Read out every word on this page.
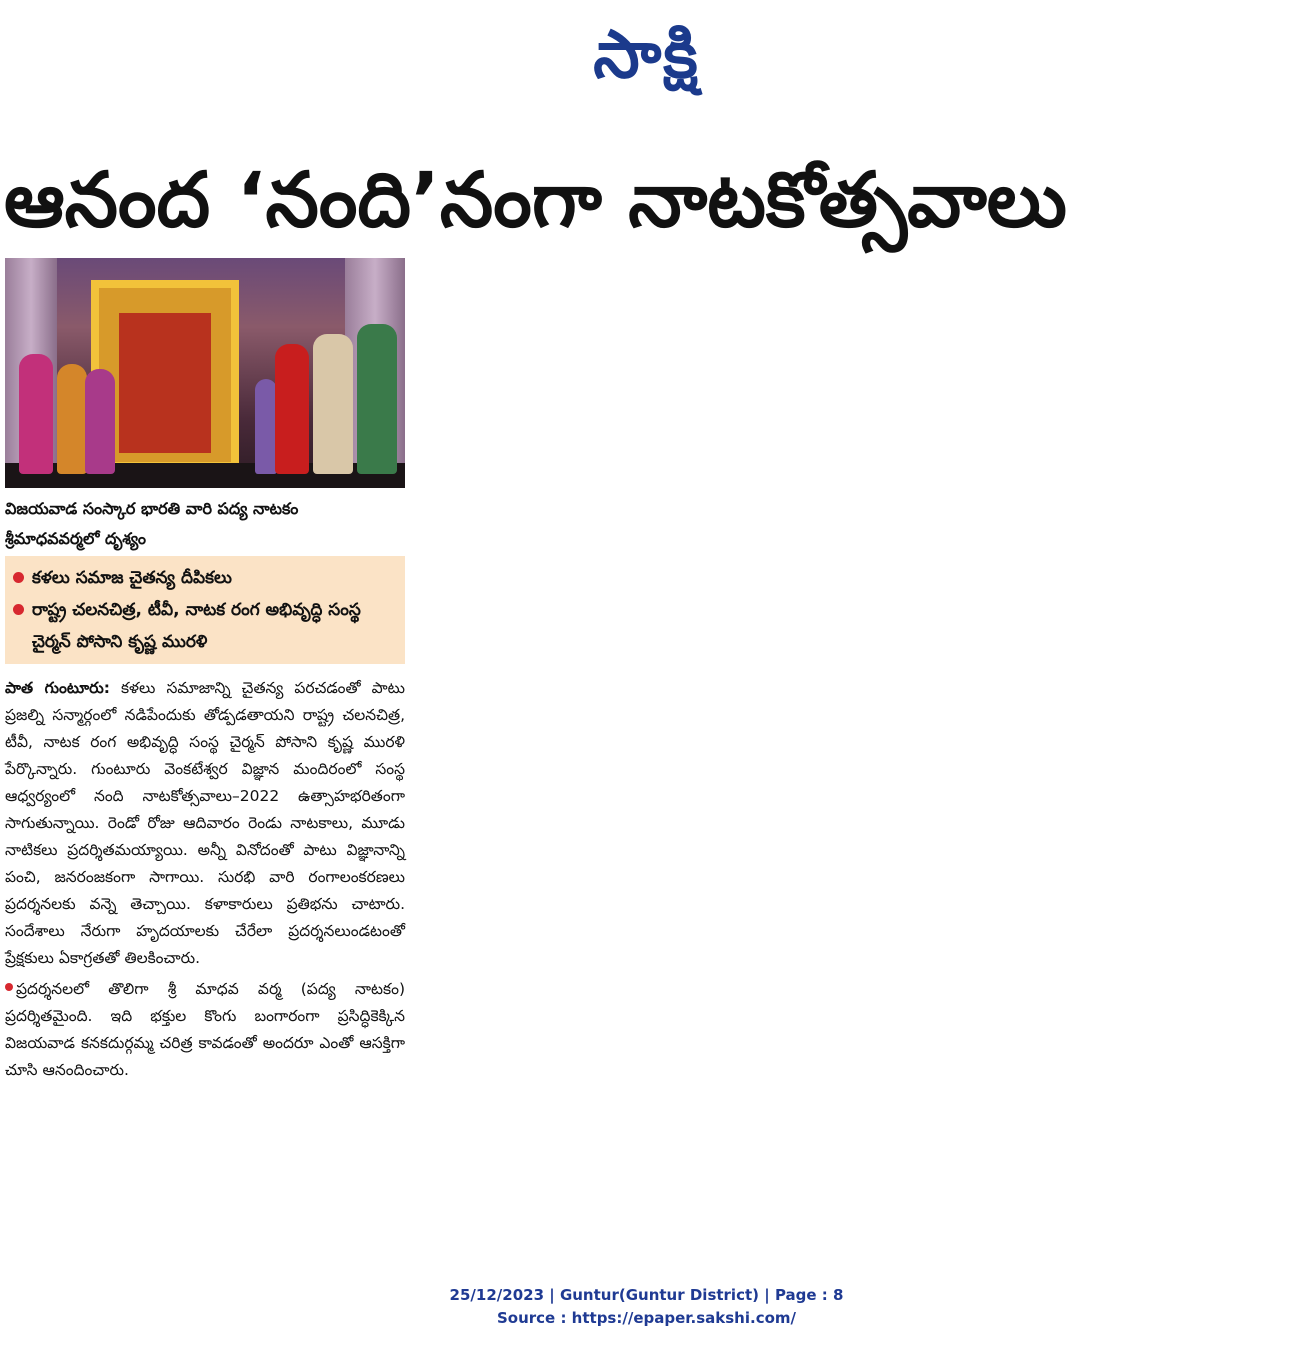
సాక్షి
ఆనంద ‘నంది’నంగా నాటకోత్సవాలు
విజయవాడ సంస్కార భారతి వారి పద్య నాటకం
శ్రీమాధవవర్మలో దృశ్యం
కళలు సమాజ చైతన్య దీపికలు
రాష్ట్ర చలనచిత్ర, టీవీ, నాటక రంగ అభివృద్ధి సంస్థ చైర్మన్ పోసాని కృష్ణ మురళి

పాత గుంటూరు: కళలు సమాజాన్ని చైతన్య పరచడంతో పాటు ప్రజల్ని సన్మార్గంలో నడిపేందుకు తోడ్పడతాయని రాష్ట్ర చలనచిత్ర, టీవీ, నాటక రంగ అభివృద్ధి సంస్థ చైర్మన్ పోసాని కృష్ణ మురళి పేర్కొన్నారు. గుంటూరు వెంకటేశ్వర విజ్ఞాన మందిరంలో సంస్థ ఆధ్వర్యంలో నంది నాటకోత్సవాలు–2022 ఉత్సాహభరితంగా సాగుతున్నాయి. రెండో రోజు ఆదివారం రెండు నాటకాలు, మూడు నాటికలు ప్రదర్శితమయ్యాయి. అన్నీ వినోదంతో పాటు విజ్ఞానాన్ని పంచి, జనరంజకంగా సాగాయి. సురభి వారి రంగాలంకరణలు ప్రదర్శనలకు వన్నె తెచ్చాయి. కళాకారులు ప్రతిభను చాటారు. సందేశాలు నేరుగా హృదయాలకు చేరేలా ప్రదర్శనలుండటంతో ప్రేక్షకులు ఏకాగ్రతతో తిలకించారు.

ప్రదర్శనలలో తొలిగా శ్రీ మాధవ వర్మ (పద్య నాటకం) ప్రదర్శితమైంది. ఇది భక్తుల కొంగు బంగారంగా ప్రసిద్ధికెక్కిన విజయవాడ కనకదుర్గమ్మ చరిత్ర కావడంతో అందరూ ఎంతో ఆసక్తిగా చూసి ఆనందించారు.

25/12/2023 | Guntur(Guntur District) | Page : 8
Source : https://epaper.sakshi.com/
